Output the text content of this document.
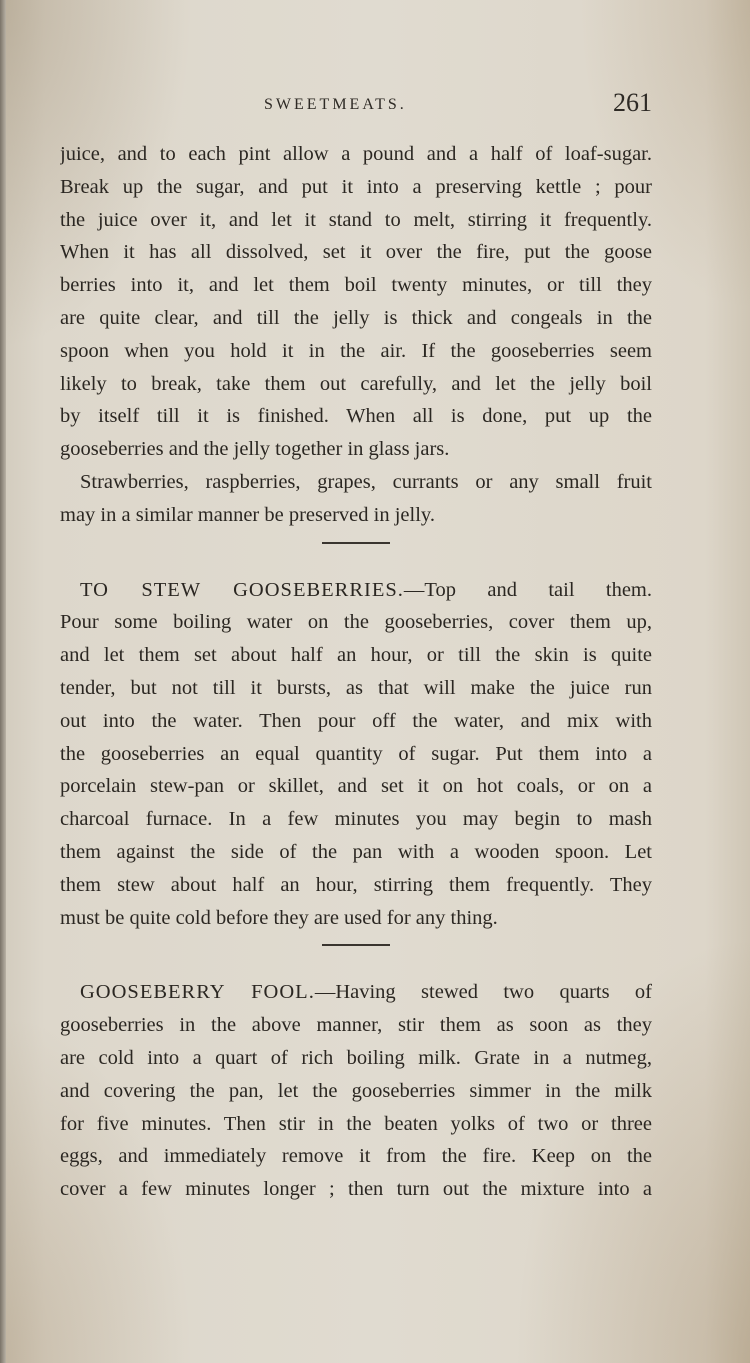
SWEETMEATS.	261
juice, and to each pint allow a pound and a half of loaf-sugar.
Break up the sugar, and put it into a preserving kettle ; pour
the juice over it, and let it stand to melt, stirring it frequently.
When it has all dissolved, set it over the fire, put the goose
berries into it, and let them boil twenty minutes, or till they
are quite clear, and till the jelly is thick and congeals in the
spoon when you hold it in the air. If the gooseberries seem
likely to break, take them out carefully, and let the jelly boil
by itself till it is finished. When all is done, put up the
gooseberries and the jelly together in glass jars.
Strawberries, raspberries, grapes, currants or any small fruit
may in a similar manner be preserved in jelly.
TO STEW GOOSEBERRIES.—Top and tail them.
Pour some boiling water on the gooseberries, cover them up,
and let them set about half an hour, or till the skin is quite
tender, but not till it bursts, as that will make the juice run
out into the water. Then pour off the water, and mix with
the gooseberries an equal quantity of sugar. Put them into a
porcelain stew-pan or skillet, and set it on hot coals, or on a
charcoal furnace. In a few minutes you may begin to mash
them against the side of the pan with a wooden spoon. Let
them stew about half an hour, stirring them frequently. They
must be quite cold before they are used for any thing.
GOOSEBERRY FOOL.—Having stewed two quarts of
gooseberries in the above manner, stir them as soon as they
are cold into a quart of rich boiling milk. Grate in a nutmeg,
and covering the pan, let the gooseberries simmer in the milk
for five minutes. Then stir in the beaten yolks of two or three
eggs, and immediately remove it from the fire. Keep on the
cover a few minutes longer ; then turn out the mixture into a
